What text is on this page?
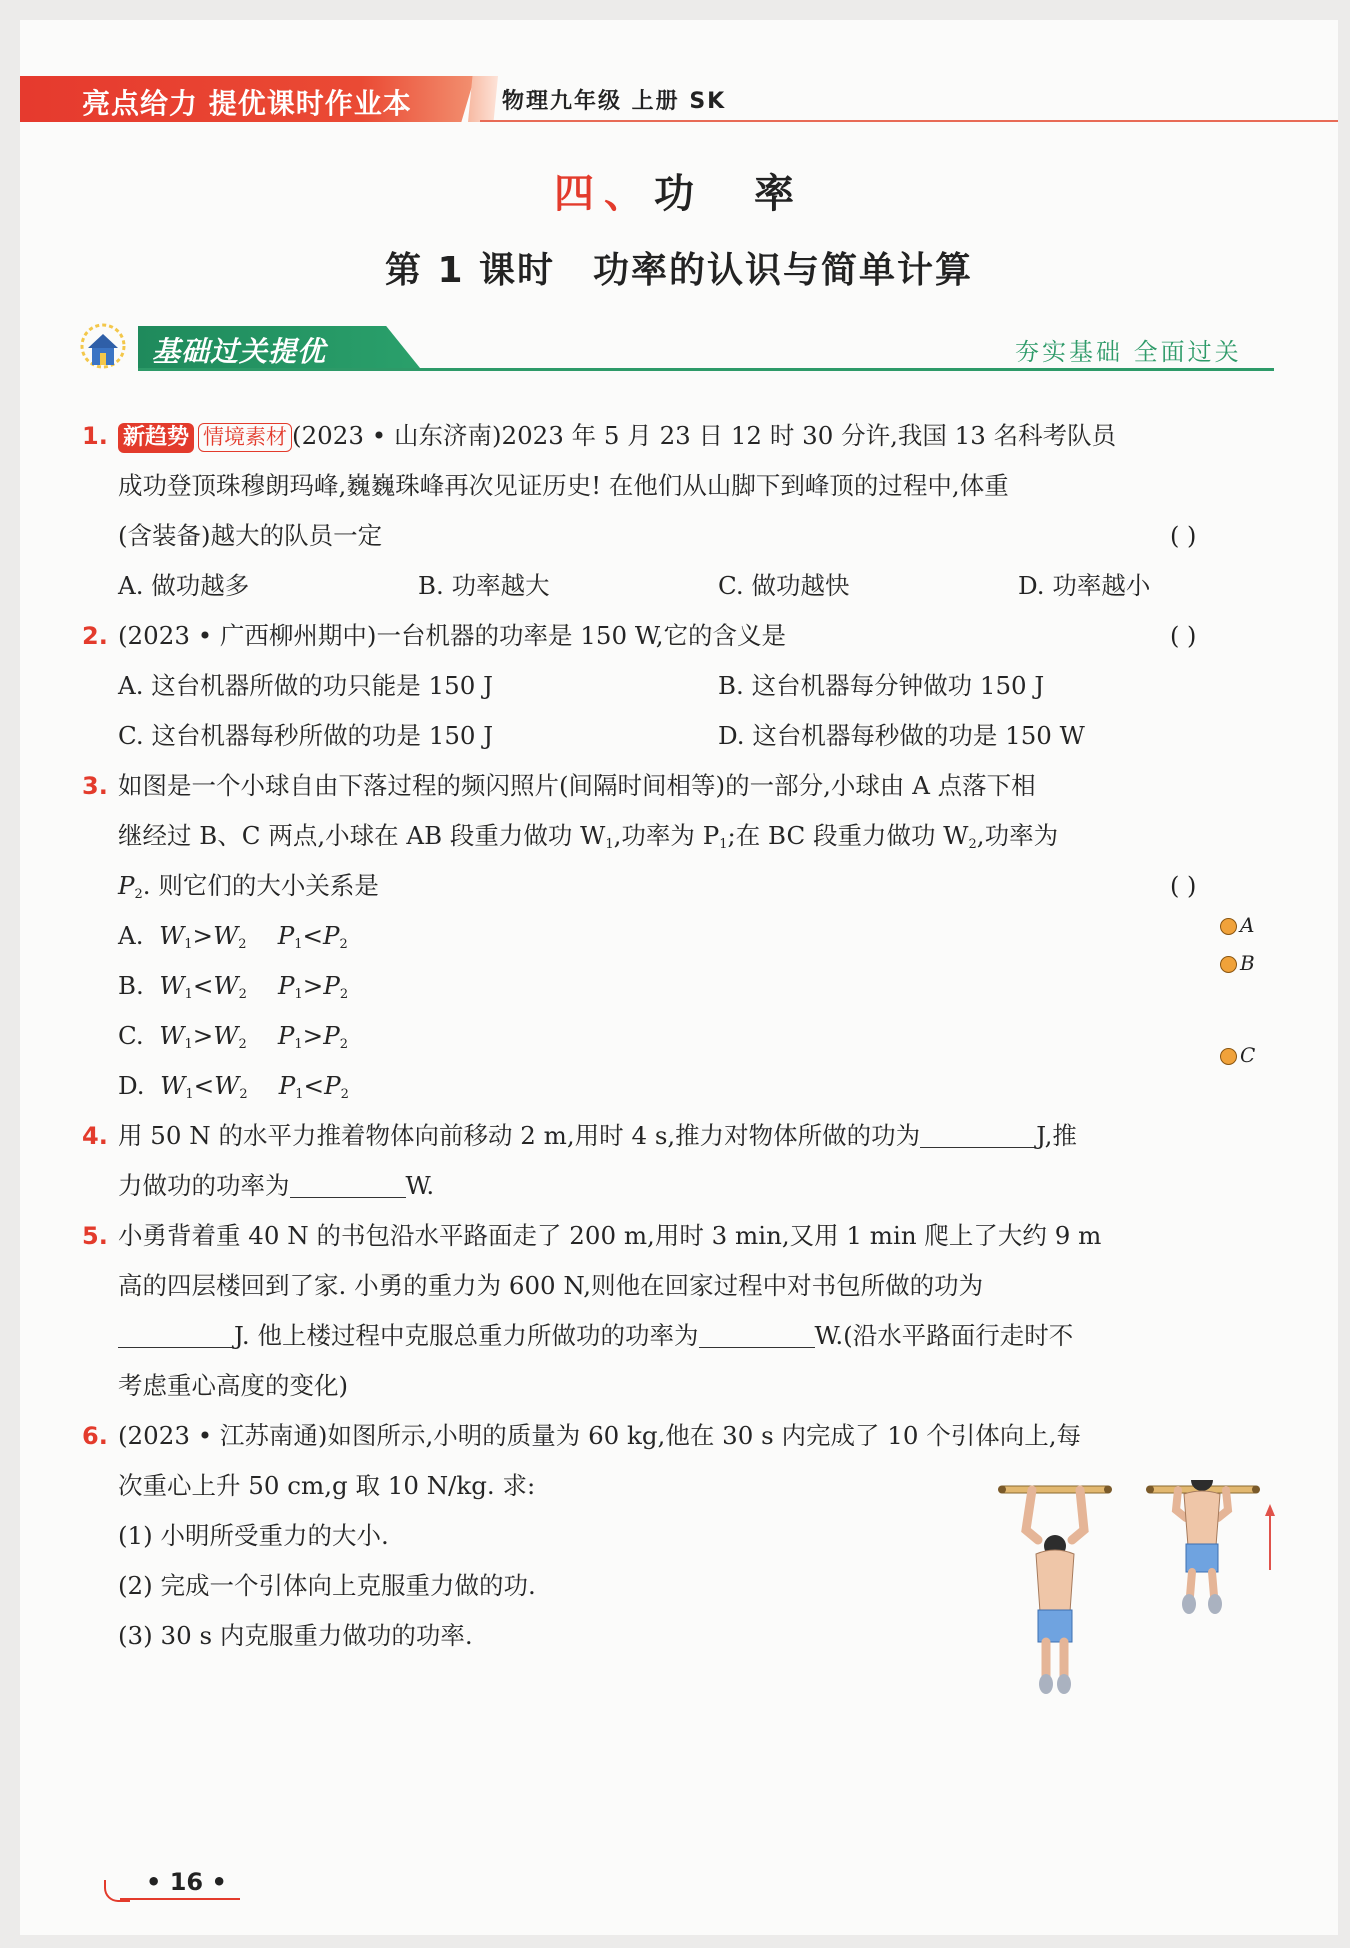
亮点给力 提优课时作业本	物理九年级 上册 SK
四、功　率
第 1 课时　功率的认识与简单计算
基础过关提优	夯实基础 全面过关
1. 新趋势 情境素材 (2023 • 山东济南)2023 年 5 月 23 日 12 时 30 分许,我国 13 名科考队员
成功登顶珠穆朗玛峰,巍巍珠峰再次见证历史! 在他们从山脚下到峰顶的过程中,体重
(含装备)越大的队员一定	( )
A. 做功越多	B. 功率越大	C. 做功越快	D. 功率越小
2. (2023 • 广西柳州期中)一台机器的功率是 150 W,它的含义是	( )
A. 这台机器所做的功只能是 150 J	B. 这台机器每分钟做功 150 J
C. 这台机器每秒所做的功是 150 J	D. 这台机器每秒做的功是 150 W
3. 如图是一个小球自由下落过程的频闪照片(间隔时间相等)的一部分,小球由 A 点落下相
继经过 B、C 两点,小球在 AB 段重力做功 $W_1$,功率为 $P_1$;在 BC 段重力做功 $W_2$,功率为
$P_2$. 则它们的大小关系是	( )
A. $W_1>W_2$ $P_1<P_2$
B. $W_1<W_2$ $P_1>P_2$
C. $W_1>W_2$ $P_1>P_2$
D. $W_1<W_2$ $P_1<P_2$
A
B
C
4. 用 50 N 的水平力推着物体向前移动 2 m,用时 4 s,推力对物体所做的功为	J,推
力做功的功率为	W.
5. 小勇背着重 40 N 的书包沿水平路面走了 200 m,用时 3 min,又用 1 min 爬上了大约 9 m
高的四层楼回到了家. 小勇的重力为 600 N,则他在回家过程中对书包所做的功为
J. 他上楼过程中克服总重力所做功的功率为	W.(沿水平路面行走时不
考虑重心高度的变化)
6. (2023 • 江苏南通)如图所示,小明的质量为 60 kg,他在 30 s 内完成了 10 个引体向上,每
次重心上升 50 cm,g 取 10 N/kg. 求:
(1) 小明所受重力的大小.
(2) 完成一个引体向上克服重力做的功.
(3) 30 s 内克服重力做功的功率.
• 16 •
